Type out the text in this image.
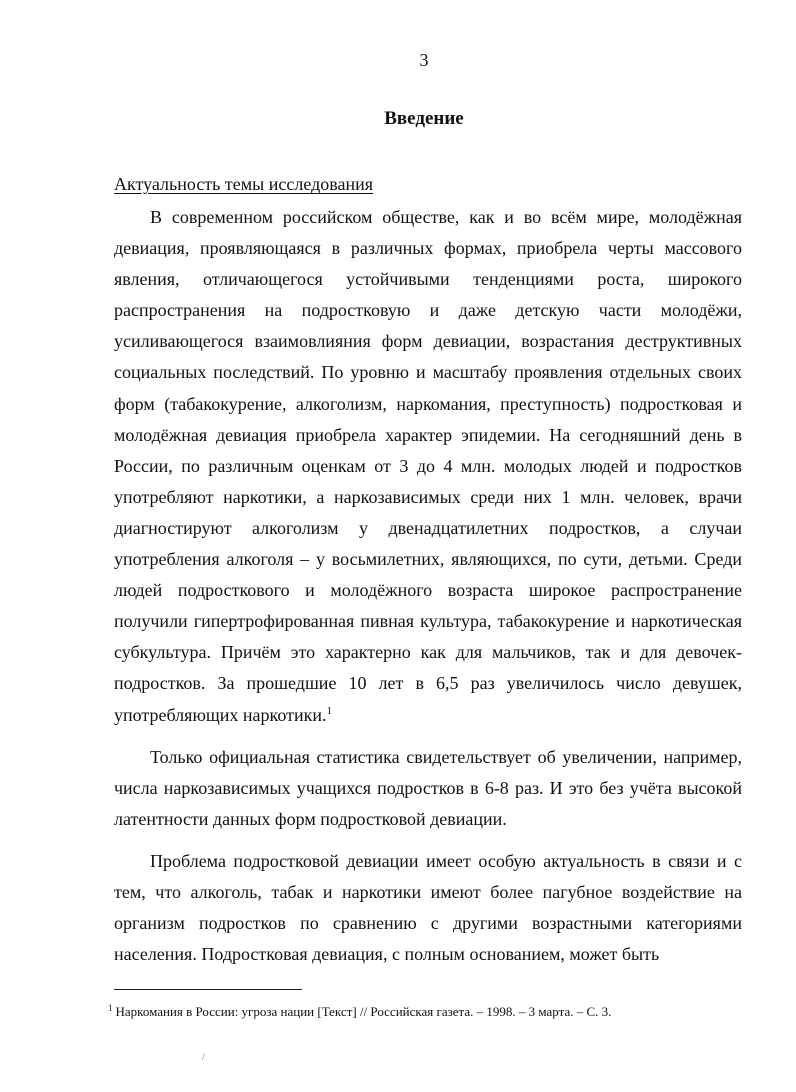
3
Введение
Актуальность темы исследования

В современном российском обществе, как и во всём мире, молодёжная девиация, проявляющаяся в различных формах, приобрела черты массового явления, отличающегося устойчивыми тенденциями роста, широкого распространения на подростковую и даже детскую части молодёжи, усиливающегося взаимовлияния форм девиации, возрастания деструктивных социальных последствий. По уровню и масштабу проявления отдельных своих форм (табакокурение, алкоголизм, наркомания, преступность) подростковая и молодёжная девиация приобрела характер эпидемии. На сегодняшний день в России, по различным оценкам от 3 до 4 млн. молодых людей и подростков употребляют наркотики, а наркозависимых среди них 1 млн. человек, врачи диагностируют алкоголизм у двенадцатилетних подростков, а случаи употребления алкоголя – у восьмилетних, являющихся, по сути, детьми. Среди людей подросткового и молодёжного возраста широкое распространение получили гипертрофированная пивная культура, табакокурение и наркотическая субкультура. Причём это характерно как для мальчиков, так и для девочек-подростков. За прошедшие 10 лет в 6,5 раз увеличилось число девушек, употребляющих наркотики.$^1$

Только официальная статистика свидетельствует об увеличении, например, числа наркозависимых учащихся подростков в 6-8 раз. И это без учёта высокой латентности данных форм подростковой девиации.

Проблема подростковой девиации имеет особую актуальность в связи и с тем, что алкоголь, табак и наркотики имеют более пагубное воздействие на организм подростков по сравнению с другими возрастными категориями населения. Подростковая девиация, с полным основанием, может быть

$^1$ Наркомания в России: угроза нации [Текст] // Российская газета. – 1998. – 3 марта. – С. 3.
/
